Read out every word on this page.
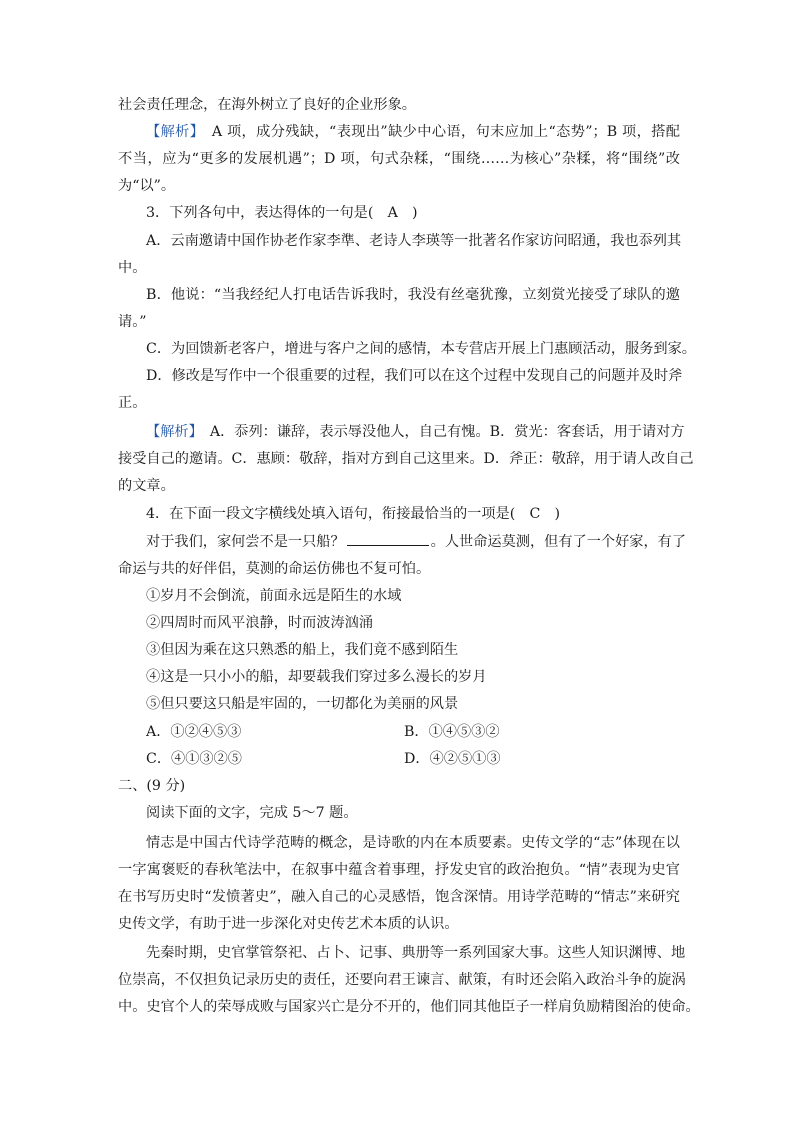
社会责任理念，在海外树立了良好的企业形象。
【解析】　 A 项，成分残缺，“表现出”缺少中心语，句末应加上“态势”；B 项，搭配
不当，应为“更多的发展机遇”；D 项，句式杂糅，“围绕……为核心”杂糅，将“围绕”改
为“以”。
3．下列各句中，表达得体的一句是(　A　)
A．云南邀请中国作协老作家李準、老诗人李瑛等一批著名作家访问昭通，我也忝列其
中。
B．他说：“当我经纪人打电话告诉我时，我没有丝毫犹豫，立刻赏光接受了球队的邀
请。”
C．为回馈新老客户，增进与客户之间的感情，本专营店开展上门惠顾活动，服务到家。
D．修改是写作中一个很重要的过程，我们可以在这个过程中发现自己的问题并及时斧
正。
【解析】　 A．忝列：谦辞，表示辱没他人，自己有愧。B．赏光：客套话，用于请对方
接受自己的邀请。C．惠顾：敬辞，指对方到自己这里来。D．斧正：敬辞，用于请人改自己
的文章。
4．在下面一段文字横线处填入语句，衔接最恰当的一项是(　C　)
对于我们，家何尝不是一只船？	。人世命运莫测，但有了一个好家，有了
命运与共的好伴侣，莫测的命运仿佛也不复可怕。
①岁月不会倒流，前面永远是陌生的水域
②四周时而风平浪静，时而波涛汹涌
③但因为乘在这只熟悉的船上，我们竟不感到陌生
④这是一只小小的船，却要载我们穿过多么漫长的岁月
⑤但只要这只船是牢固的，一切都化为美丽的风景
A．①②④⑤③	B．①④⑤③②
C．④①③②⑤	D．④②⑤①③
二、(9 分)
阅读下面的文字，完成 5～7 题。
情志是中国古代诗学范畴的概念，是诗歌的内在本质要素。史传文学的“志”体现在以
一字寓褒贬的春秋笔法中，在叙事中蕴含着事理，抒发史官的政治抱负。“情”表现为史官
在书写历史时“发愤著史”，融入自己的心灵感悟，饱含深情。用诗学范畴的“情志”来研究
史传文学，有助于进一步深化对史传艺术本质的认识。
先秦时期，史官掌管祭祀、占卜、记事、典册等一系列国家大事。这些人知识渊博、地
位崇高，不仅担负记录历史的责任，还要向君王谏言、献策，有时还会陷入政治斗争的旋涡
中。史官个人的荣辱成败与国家兴亡是分不开的，他们同其他臣子一样肩负励精图治的使命。
